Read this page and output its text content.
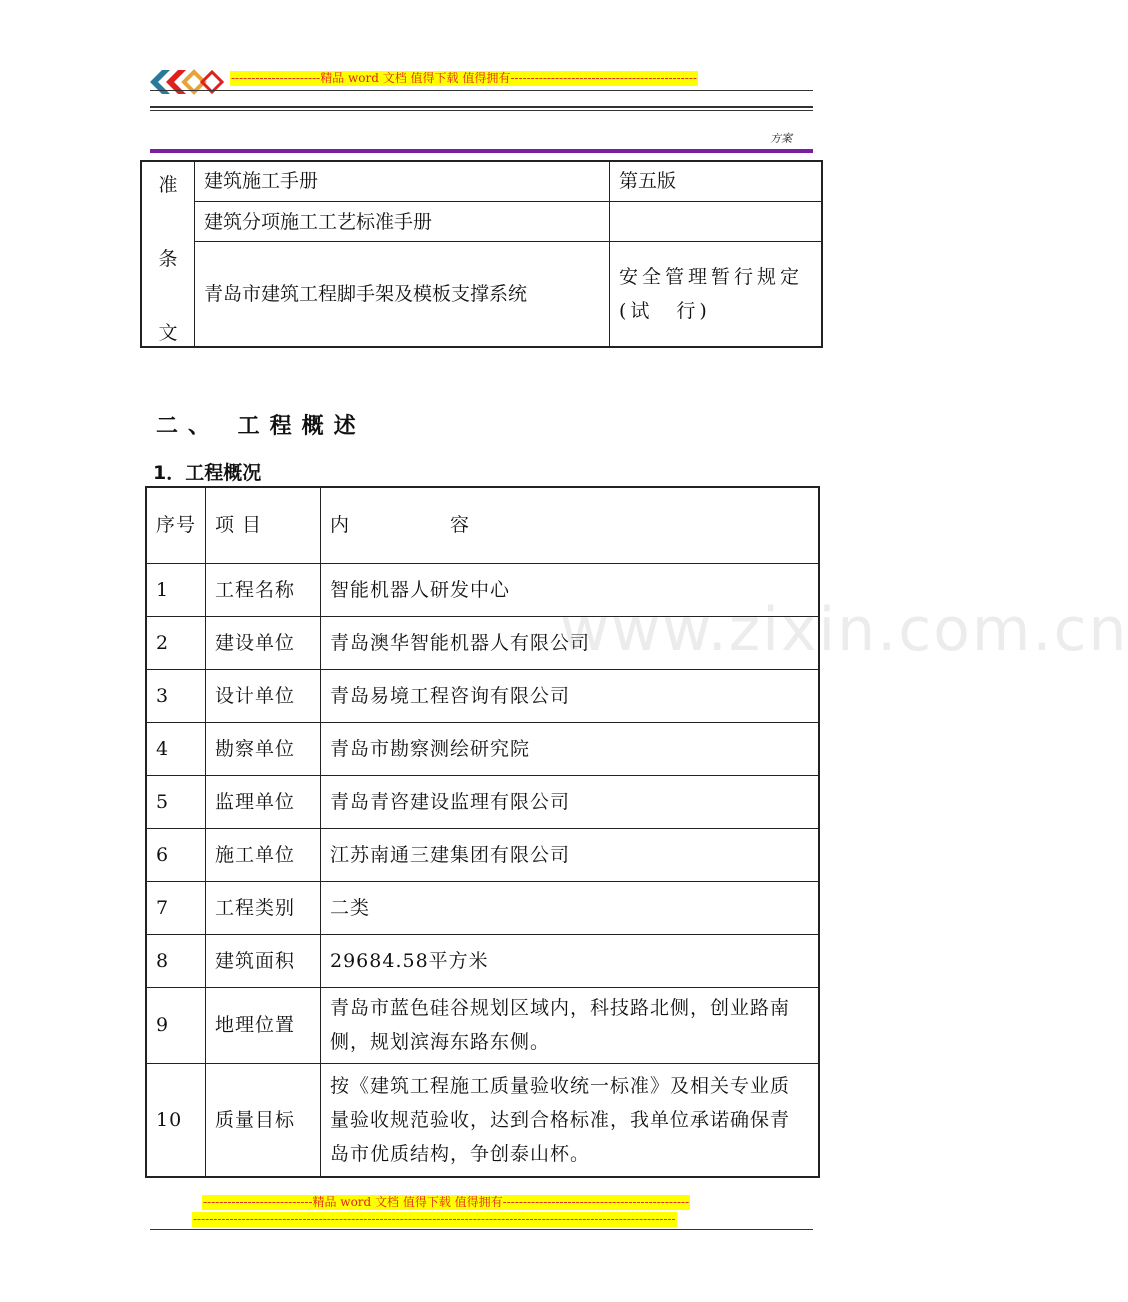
----------------------精品 word 文档 值得下载 值得拥有----------------------------------------------
方案
准
条
文	建筑施工手册	第五版
	建筑分项施工工艺标准手册	
	青岛市建筑工程脚手架及模板支撑系统	安全管理暂行规定(试　行)
二、 工程概述
1．工程概况
序号	项 目	内　　　　　容
1	工程名称	智能机器人研发中心
2	建设单位	青岛澳华智能机器人有限公司
3	设计单位	青岛易境工程咨询有限公司
4	勘察单位	青岛市勘察测绘研究院
5	监理单位	青岛青咨建设监理有限公司
6	施工单位	江苏南通三建集团有限公司
7	工程类别	二类
8	建筑面积	29684.58平方米
9	地理位置	青岛市蓝色硅谷规划区域内，科技路北侧，创业路南侧，规划滨海东路东侧。
10	质量目标	按《建筑工程施工质量验收统一标准》及相关专业质量验收规范验收，达到合格标准，我单位承诺确保青岛市优质结构，争创泰山杯。
www.zixin.com.cn
---------------------------精品 word 文档 值得下载 值得拥有----------------------------------------------
-----------------------------------------------------------------------------------------------------------------------
